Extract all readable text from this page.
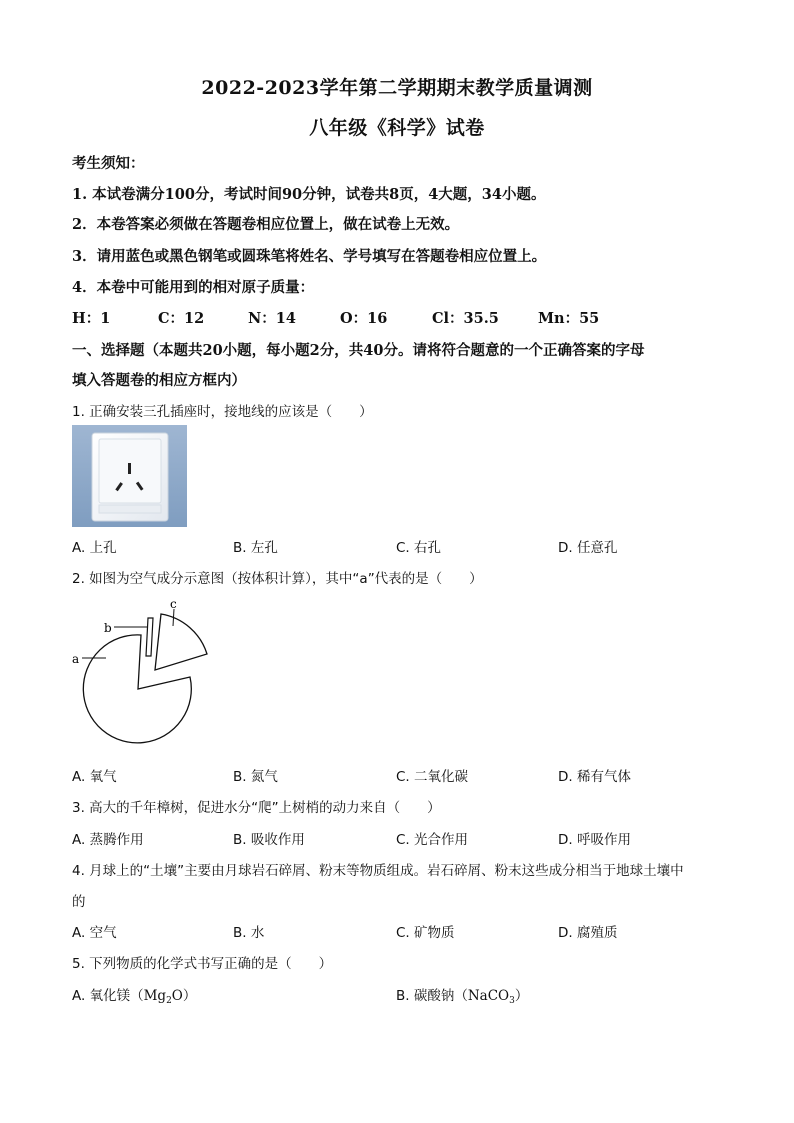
2022-2023学年第二学期期末教学质量调测
八年级《科学》试卷
考生须知：
1. 本试卷满分100分，考试时间90分钟，试卷共8页，4大题，34小题。
2．本卷答案必须做在答题卷相应位置上，做在试卷上无效。
3．请用蓝色或黑色钢笔或圆珠笔将姓名、学号填写在答题卷相应位置上。
4．本卷中可能用到的相对原子质量：
H：1	C：12	N：14	O：16	Cl：35.5	Mn：55
一、选择题（本题共20小题，每小题2分，共40分。请将符合题意的一个正确答案的字母
填入答题卷的相应方框内）
1. 正确安装三孔插座时，接地线的应该是（　　）
A. 上孔	B. 左孔	C. 右孔	D. 任意孔
2. 如图为空气成分示意图（按体积计算），其中“a”代表的是（　　）
a
b
c
A. 氧气	B. 氮气	C. 二氧化碳	D. 稀有气体
3. 高大的千年樟树，促进水分“爬”上树梢的动力来自（　　）
A. 蒸腾作用	B. 吸收作用	C. 光合作用	D. 呼吸作用
4. 月球上的“土壤”主要由月球岩石碎屑、粉末等物质组成。岩石碎屑、粉末这些成分相当于地球土壤中
的
A. 空气	B. 水	C. 矿物质	D. 腐殖质
5. 下列物质的化学式书写正确的是（　　）
A. 氧化镁$(Mg_2O)$	B. 碳酸钠（NaCO$_3$）
